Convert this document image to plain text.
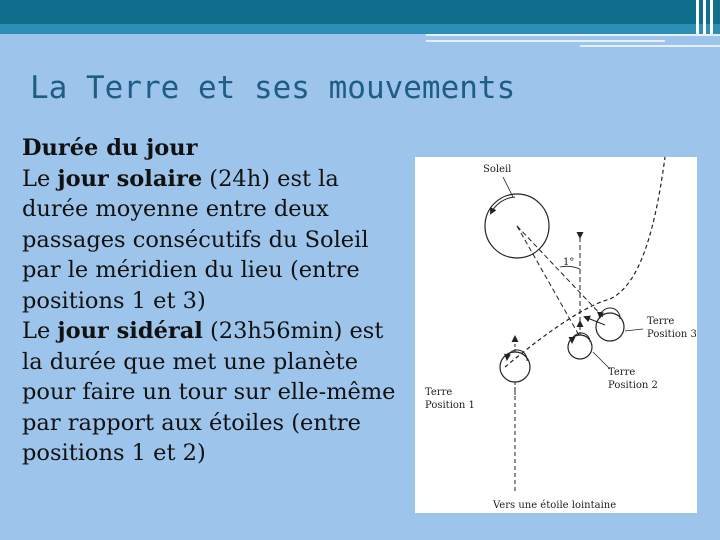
La Terre et ses mouvements

Durée du jour

Le jour solaire (24h) est la durée moyenne entre deux passages consécutifs du Soleil par le méridien du lieu (entre positions 1 et 3)

Le jour sidéral (23h56min) est la durée que met une planète pour faire un tour sur elle-même par rapport aux étoiles (entre positions 1 et 2)

Soleil
1°
Terre
Position 3
Terre
Position 2
Terre
Position 1
Vers une étoile lointaine
